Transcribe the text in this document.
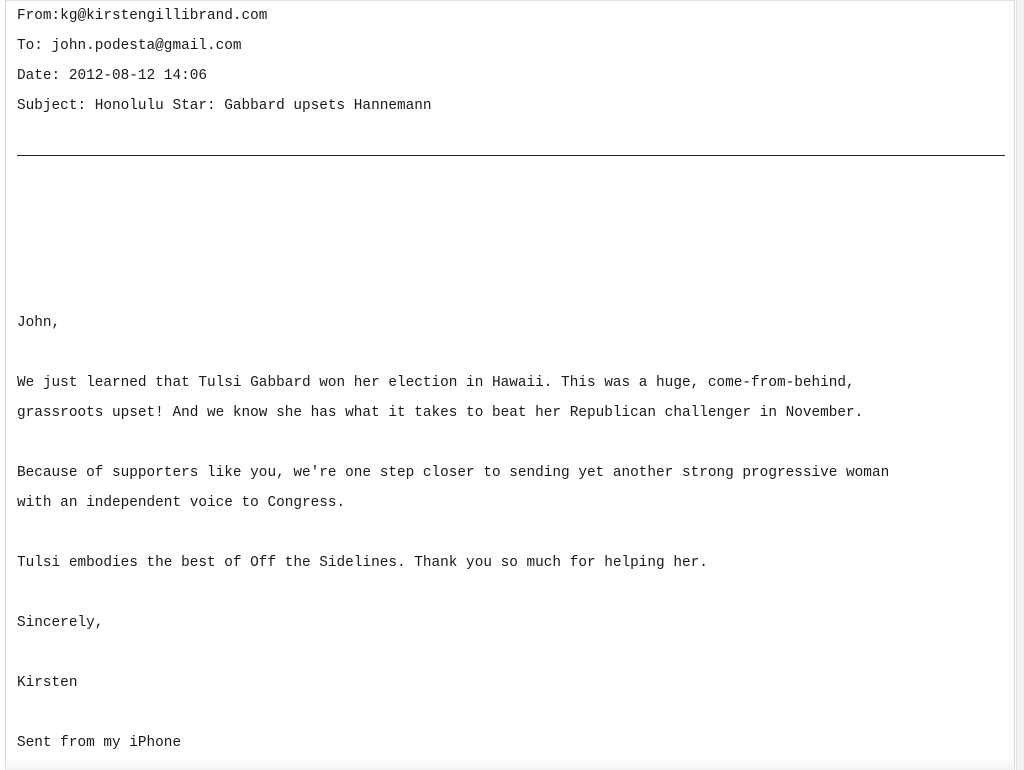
From:kg@kirstengillibrand.com
To: john.podesta@gmail.com
Date: 2012-08-12 14:06
Subject: Honolulu Star: Gabbard upsets Hannemann
John,
We just learned that Tulsi Gabbard won her election in Hawaii. This was a huge, come-from-behind,
grassroots upset! And we know she has what it takes to beat her Republican challenger in November.
Because of supporters like you, we're one step closer to sending yet another strong progressive woman
with an independent voice to Congress.
Tulsi embodies the best of Off the Sidelines. Thank you so much for helping her.
Sincerely,
Kirsten
Sent from my iPhone
